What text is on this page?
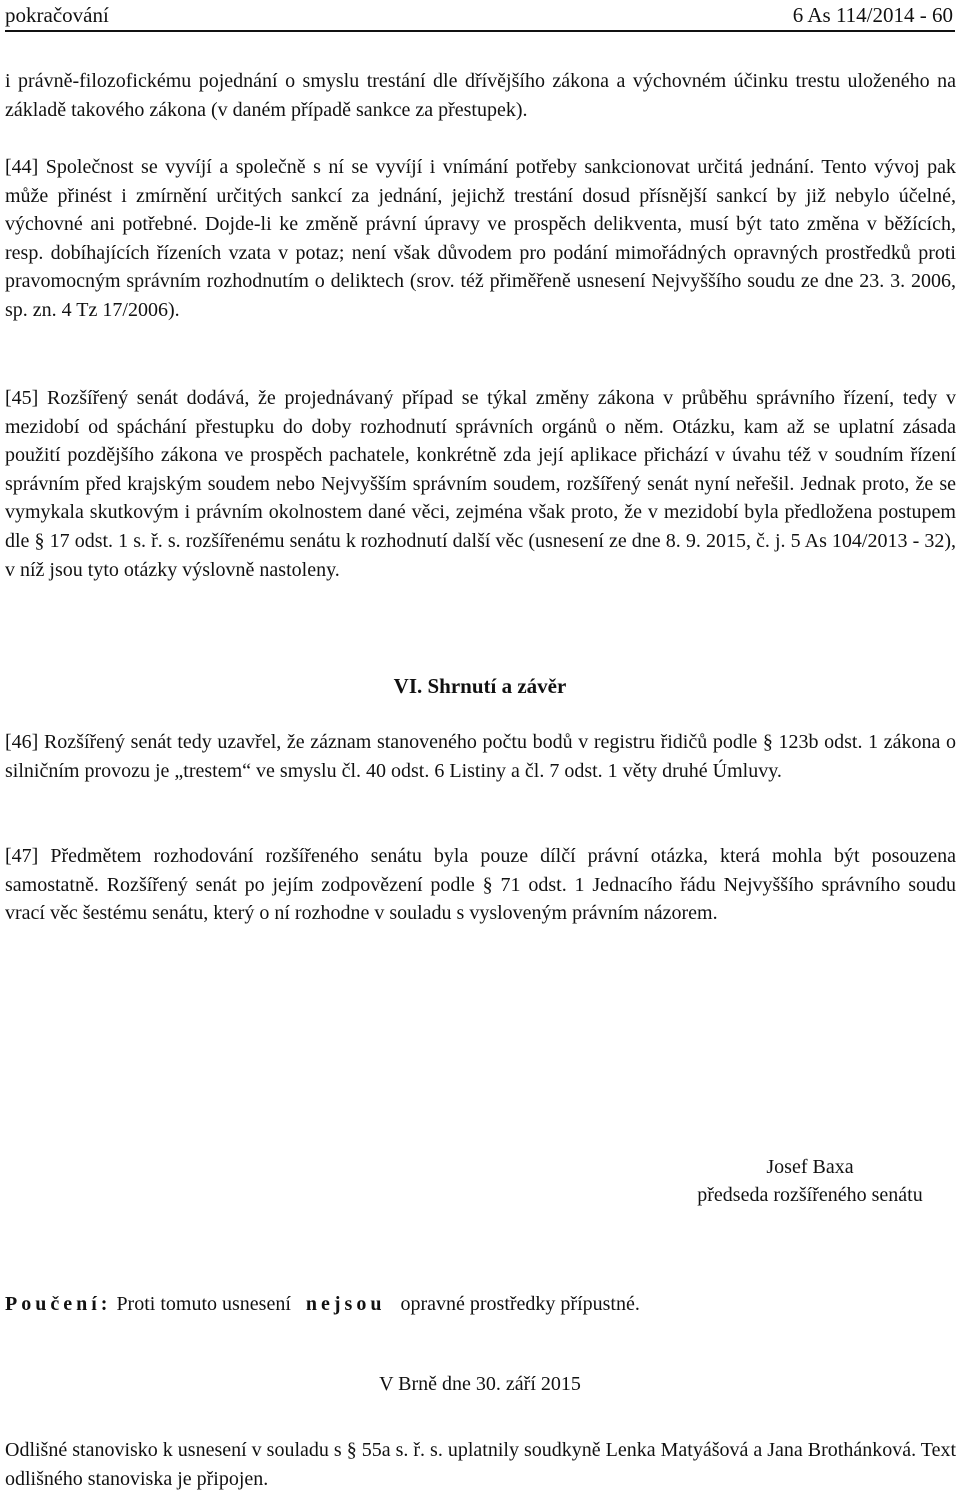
pokračování	6 As 114/2014 - 60

i právně-filozofickému pojednání o smyslu trestání dle dřívějšího zákona a výchovném účinku trestu uloženého na základě takového zákona (v daném případě sankce za přestupek).

[44] Společnost se vyvíjí a společně s ní se vyvíjí i vnímání potřeby sankcionovat určitá jednání. Tento vývoj pak může přinést i zmírnění určitých sankcí za jednání, jejichž trestání dosud přísnější sankcí by již nebylo účelné, výchovné ani potřebné. Dojde-li ke změně právní úpravy ve prospěch delikventa, musí být tato změna v běžících, resp. dobíhajících řízeních vzata v potaz; není však důvodem pro podání mimořádných opravných prostředků proti pravomocným správním rozhodnutím o deliktech (srov. též přiměřeně usnesení Nejvyššího soudu ze dne 23. 3. 2006, sp. zn. 4 Tz 17/2006).

[45] Rozšířený senát dodává, že projednávaný případ se týkal změny zákona v průběhu správního řízení, tedy v mezidobí od spáchání přestupku do doby rozhodnutí správních orgánů o něm. Otázku, kam až se uplatní zásada použití pozdějšího zákona ve prospěch pachatele, konkrétně zda její aplikace přichází v úvahu též v soudním řízení správním před krajským soudem nebo Nejvyšším správním soudem, rozšířený senát nyní neřešil. Jednak proto, že se vymykala skutkovým i právním okolnostem dané věci, zejména však proto, že v mezidobí byla předložena postupem dle § 17 odst. 1 s. ř. s. rozšířenému senátu k rozhodnutí další věc (usnesení ze dne 8. 9. 2015, č. j. 5 As 104/2013 - 32), v níž jsou tyto otázky výslovně nastoleny.

VI. Shrnutí a závěr

[46] Rozšířený senát tedy uzavřel, že záznam stanoveného počtu bodů v registru řidičů podle § 123b odst. 1 zákona o silničním provozu je „trestem“ ve smyslu čl. 40 odst. 6 Listiny a čl. 7 odst. 1 věty druhé Úmluvy.

[47] Předmětem rozhodování rozšířeného senátu byla pouze dílčí právní otázka, která mohla být posouzena samostatně. Rozšířený senát po jejím zodpovězení podle § 71 odst. 1 Jednacího řádu Nejvyššího správního soudu vrací věc šestému senátu, který o ní rozhodne v souladu s vysloveným právním názorem.

Poučení: Proti tomuto usnesení nejsou opravné prostředky přípustné.

V Brně dne 30. září 2015

Josef Baxa
předseda rozšířeného senátu

Odlišné stanovisko k usnesení v souladu s § 55a s. ř. s. uplatnily soudkyně Lenka Matyášová a Jana Brothánková. Text odlišného stanoviska je připojen.
